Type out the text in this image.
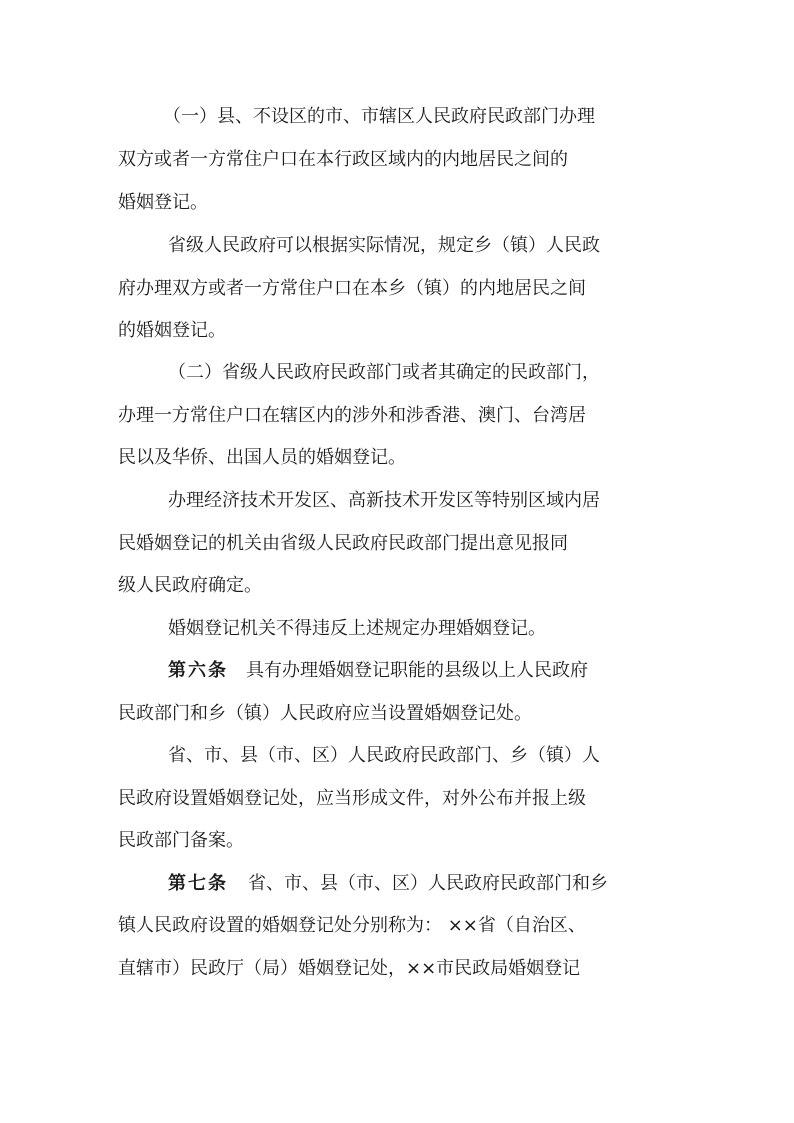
（一）县、不设区的市、市辖区人民政府民政部门办理

双方或者一方常住户口在本行政区域内的内地居民之间的

婚姻登记。

省级人民政府可以根据实际情况，规定乡（镇）人民政

府办理双方或者一方常住户口在本乡（镇）的内地居民之间

的婚姻登记。

（二）省级人民政府民政部门或者其确定的民政部门，

办理一方常住户口在辖区内的涉外和涉香港、澳门、台湾居

民以及华侨、出国人员的婚姻登记。

办理经济技术开发区、高新技术开发区等特别区域内居

民婚姻登记的机关由省级人民政府民政部门提出意见报同

级人民政府确定。

婚姻登记机关不得违反上述规定办理婚姻登记。

第六条 具有办理婚姻登记职能的县级以上人民政府

民政部门和乡（镇）人民政府应当设置婚姻登记处。

省、市、县（市、区）人民政府民政部门、乡（镇）人

民政府设置婚姻登记处，应当形成文件，对外公布并报上级

民政部门备案。

第七条 省、市、县（市、区）人民政府民政部门和乡

镇人民政府设置的婚姻登记处分别称为： ××省（自治区、

直辖市）民政厅（局）婚姻登记处，××市民政局婚姻登记
